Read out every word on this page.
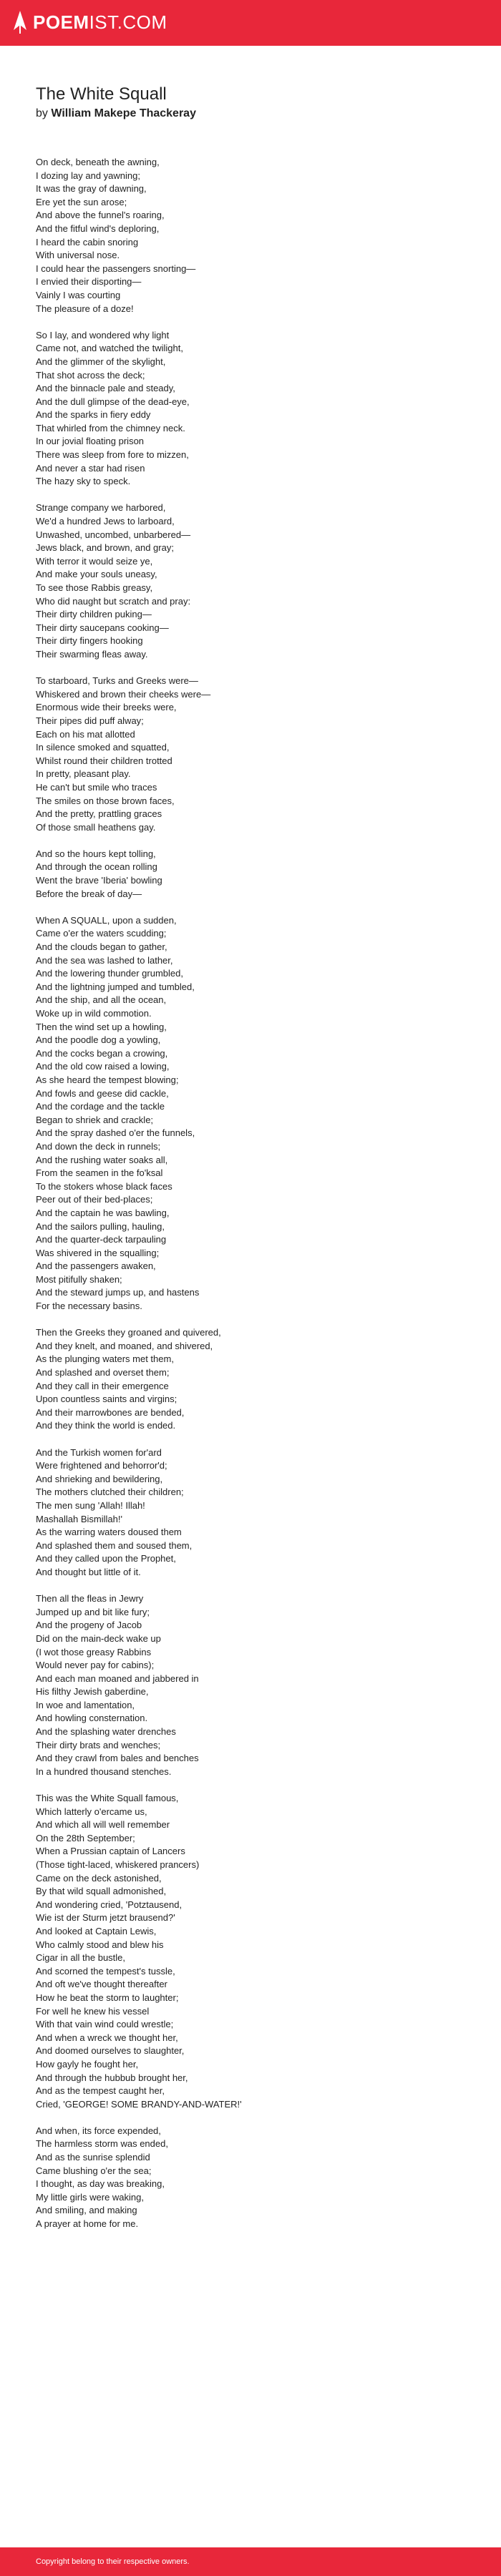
POEMIST.COM
The White Squall
by William Makepe Thackeray

On deck, beneath the awning,
I dozing lay and yawning;
It was the gray of dawning,
Ere yet the sun arose;
And above the funnel's roaring,
And the fitful wind's deploring,
I heard the cabin snoring
With universal nose.
I could hear the passengers snorting—
I envied their disporting—
Vainly I was courting
The pleasure of a doze!

So I lay, and wondered why light
Came not, and watched the twilight,
And the glimmer of the skylight,
That shot across the deck;
And the binnacle pale and steady,
And the dull glimpse of the dead-eye,
And the sparks in fiery eddy
That whirled from the chimney neck.
In our jovial floating prison
There was sleep from fore to mizzen,
And never a star had risen
The hazy sky to speck.

Strange company we harbored,
We'd a hundred Jews to larboard,
Unwashed, uncombed, unbarbered—
Jews black, and brown, and gray;
With terror it would seize ye,
And make your souls uneasy,
To see those Rabbis greasy,
Who did naught but scratch and pray:
Their dirty children puking—
Their dirty saucepans cooking—
Their dirty fingers hooking
Their swarming fleas away.

To starboard, Turks and Greeks were—
Whiskered and brown their cheeks were—
Enormous wide their breeks were,
Their pipes did puff alway;
Each on his mat allotted
In silence smoked and squatted,
Whilst round their children trotted
In pretty, pleasant play.
He can't but smile who traces
The smiles on those brown faces,
And the pretty, prattling graces
Of those small heathens gay.

And so the hours kept tolling,
And through the ocean rolling
Went the brave 'Iberia' bowling
Before the break of day—

When A SQUALL, upon a sudden,
Came o'er the waters scudding;
And the clouds began to gather,
And the sea was lashed to lather,
And the lowering thunder grumbled,
And the lightning jumped and tumbled,
And the ship, and all the ocean,
Woke up in wild commotion.
Then the wind set up a howling,
And the poodle dog a yowling,
And the cocks began a crowing,
And the old cow raised a lowing,
As she heard the tempest blowing;
And fowls and geese did cackle,
And the cordage and the tackle
Began to shriek and crackle;
And the spray dashed o'er the funnels,
And down the deck in runnels;
And the rushing water soaks all,
From the seamen in the fo'ksal
To the stokers whose black faces
Peer out of their bed-places;
And the captain he was bawling,
And the sailors pulling, hauling,
And the quarter-deck tarpauling
Was shivered in the squalling;
And the passengers awaken,
Most pitifully shaken;
And the steward jumps up, and hastens
For the necessary basins.

Then the Greeks they groaned and quivered,
And they knelt, and moaned, and shivered,
As the plunging waters met them,
And splashed and overset them;
And they call in their emergence
Upon countless saints and virgins;
And their marrowbones are bended,
And they think the world is ended.

And the Turkish women for'ard
Were frightened and behorror'd;
And shrieking and bewildering,
The mothers clutched their children;
The men sung 'Allah! Illah!
Mashallah Bismillah!'
As the warring waters doused them
And splashed them and soused them,
And they called upon the Prophet,
And thought but little of it.

Then all the fleas in Jewry
Jumped up and bit like fury;
And the progeny of Jacob
Did on the main-deck wake up
(I wot those greasy Rabbins
Would never pay for cabins);
And each man moaned and jabbered in
His filthy Jewish gaberdine,
In woe and lamentation,
And howling consternation.
And the splashing water drenches
Their dirty brats and wenches;
And they crawl from bales and benches
In a hundred thousand stenches.

This was the White Squall famous,
Which latterly o'ercame us,
And which all will well remember
On the 28th September;
When a Prussian captain of Lancers
(Those tight-laced, whiskered prancers)
Came on the deck astonished,
By that wild squall admonished,
And wondering cried, 'Potztausend,
Wie ist der Sturm jetzt brausend?'
And looked at Captain Lewis,
Who calmly stood and blew his
Cigar in all the bustle,
And scorned the tempest's tussle,
And oft we've thought thereafter
How he beat the storm to laughter;
For well he knew his vessel
With that vain wind could wrestle;
And when a wreck we thought her,
And doomed ourselves to slaughter,
How gayly he fought her,
And through the hubbub brought her,
And as the tempest caught her,
Cried, 'GEORGE! SOME BRANDY-AND-WATER!'

And when, its force expended,
The harmless storm was ended,
And as the sunrise splendid
Came blushing o'er the sea;
I thought, as day was breaking,
My little girls were waking,
And smiling, and making
A prayer at home for me.

Copyright belong to their respective owners.
